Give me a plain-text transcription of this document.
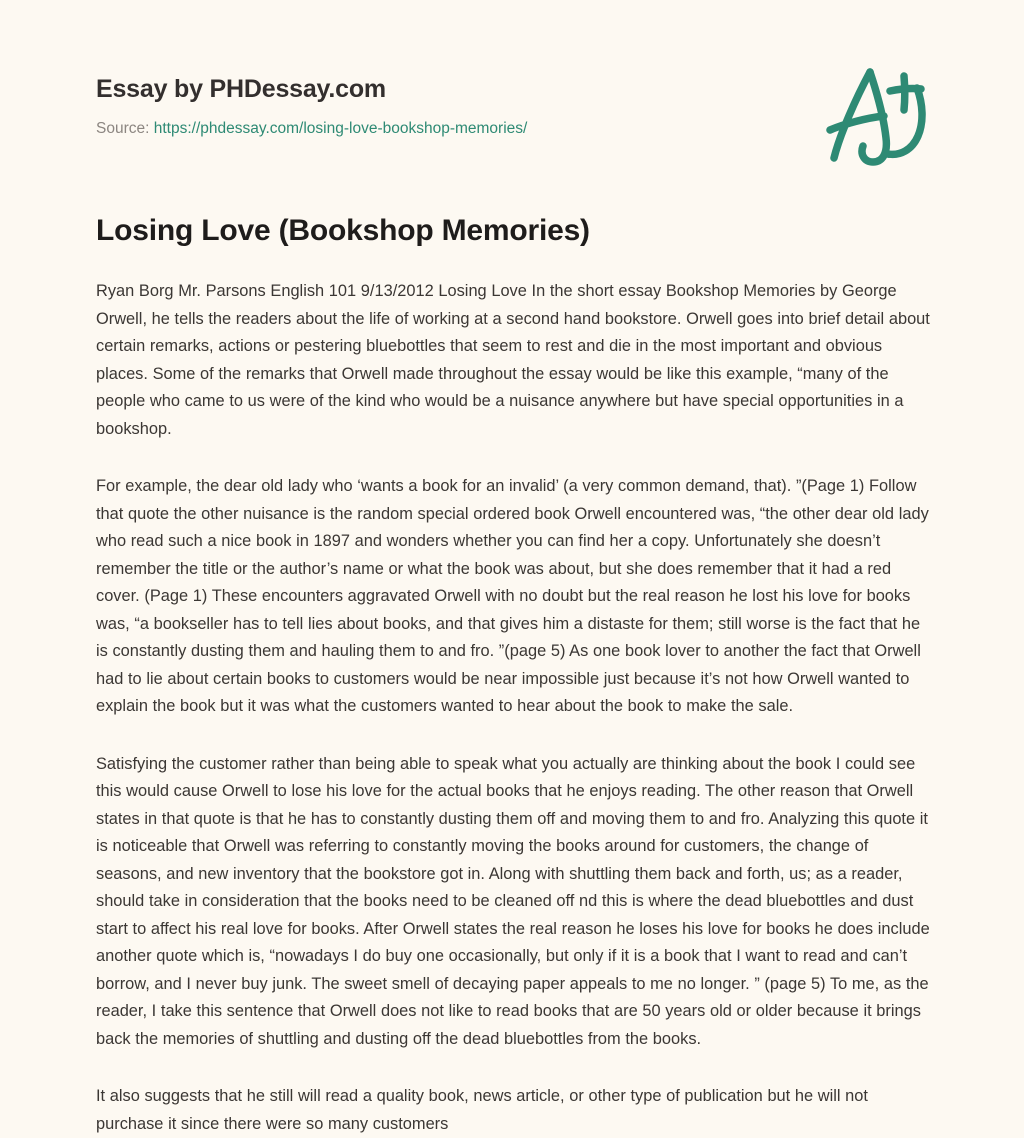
Essay by PHDessay.com
Source: https://phdessay.com/losing-love-bookshop-memories/
Losing Love (Bookshop Memories)

Ryan Borg Mr. Parsons English 101 9/13/2012 Losing Love In the short essay Bookshop Memories by George Orwell, he tells the readers about the life of working at a second hand bookstore. Orwell goes into brief detail about certain remarks, actions or pestering bluebottles that seem to rest and die in the most important and obvious places. Some of the remarks that Orwell made throughout the essay would be like this example, “many of the people who came to us were of the kind who would be a nuisance anywhere but have special opportunities in a bookshop.

For example, the dear old lady who ‘wants a book for an invalid’ (a very common demand, that). ”(Page 1) Follow that quote the other nuisance is the random special ordered book Orwell encountered was, “the other dear old lady who read such a nice book in 1897 and wonders whether you can find her a copy. Unfortunately she doesn’t remember the title or the author’s name or what the book was about, but she does remember that it had a red cover. (Page 1) These encounters aggravated Orwell with no doubt but the real reason he lost his love for books was, “a bookseller has to tell lies about books, and that gives him a distaste for them; still worse is the fact that he is constantly dusting them and hauling them to and fro. ”(page 5) As one book lover to another the fact that Orwell had to lie about certain books to customers would be near impossible just because it’s not how Orwell wanted to explain the book but it was what the customers wanted to hear about the book to make the sale.

Satisfying the customer rather than being able to speak what you actually are thinking about the book I could see this would cause Orwell to lose his love for the actual books that he enjoys reading. The other reason that Orwell states in that quote is that he has to constantly dusting them off and moving them to and fro. Analyzing this quote it is noticeable that Orwell was referring to constantly moving the books around for customers, the change of seasons, and new inventory that the bookstore got in. Along with shuttling them back and forth, us; as a reader, should take in consideration that the books need to be cleaned off nd this is where the dead bluebottles and dust start to affect his real love for books. After Orwell states the real reason he loses his love for books he does include another quote which is, “nowadays I do buy one occasionally, but only if it is a book that I want to read and can’t borrow, and I never buy junk. The sweet smell of decaying paper appeals to me no longer. ” (page 5) To me, as the reader, I take this sentence that Orwell does not like to read books that are 50 years old or older because it brings back the memories of shuttling and dusting off the dead bluebottles from the books.

It also suggests that he still will read a quality book, news article, or other type of publication but he will not purchase it since there were so many customers
